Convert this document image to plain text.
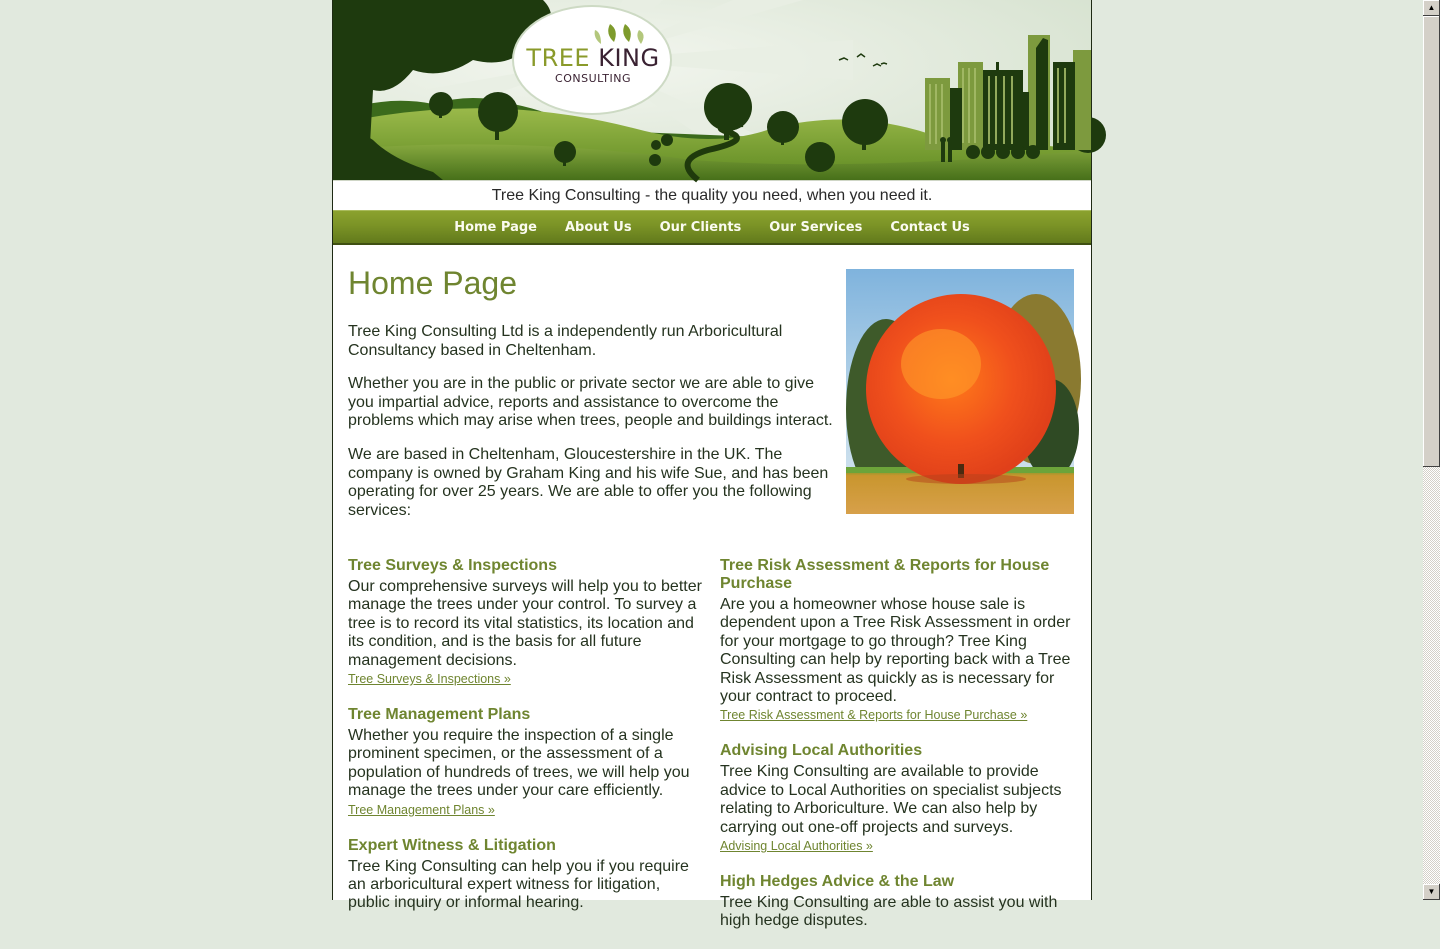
TREE KING
CONSULTING
Tree King Consulting - the quality you need, when you need it.
Home Page	About Us	Our Clients	Our Services	Contact Us
Home Page

Tree King Consulting Ltd is a independently run Arboricultural Consultancy based in Cheltenham.

Whether you are in the public or private sector we are able to give you impartial advice, reports and assistance to overcome the problems which may arise when trees, people and buildings interact.

We are based in Cheltenham, Gloucestershire in the UK. The company is owned by Graham King and his wife Sue, and has been operating for over 25 years. We are able to offer you the following services:

Tree Surveys & Inspections

Our comprehensive surveys will help you to better manage the trees under your control. To survey a tree is to record its vital statistics, its location and its condition, and is the basis for all future management decisions.

Tree Surveys & Inspections »
Tree Management Plans

Whether you require the inspection of a single prominent specimen, or the assessment of a population of hundreds of trees, we will help you manage the trees under your care efficiently.

Tree Management Plans »
Expert Witness & Litigation

Tree King Consulting can help you if you require an arboricultural expert witness for litigation, public inquiry or informal hearing.

Tree Risk Assessment & Reports for House Purchase

Are you a homeowner whose house sale is dependent upon a Tree Risk Assessment in order for your mortgage to go through? Tree King Consulting can help by reporting back with a Tree Risk Assessment as quickly as is necessary for your contract to proceed.

Tree Risk Assessment & Reports for House Purchase »
Advising Local Authorities

Tree King Consulting are available to provide advice to Local Authorities on specialist subjects relating to Arboriculture. We can also help by carrying out one-off projects and surveys.

Advising Local Authorities »
High Hedges Advice & the Law

Tree King Consulting are able to assist you with high hedge disputes.

▲
▼
